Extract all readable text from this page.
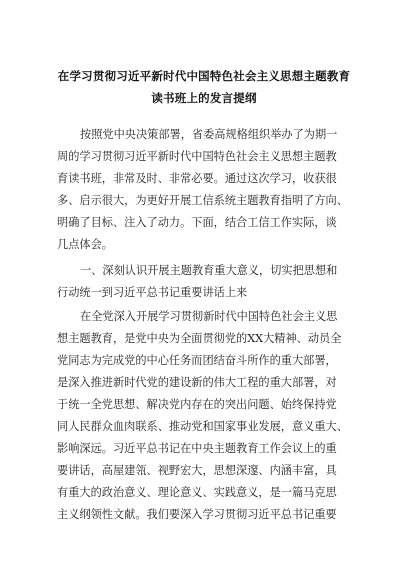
在学习贯彻习近平新时代中国特色社会主义思想主题教育
读书班上的发言提纲
按照党中央决策部署，省委高规格组织举办了为期一
周的学习贯彻习近平新时代中国特色社会主义思想主题教
育读书班，非常及时、非常必要。通过这次学习，收获很
多、启示很大，为更好开展工信系统主题教育指明了方向、
明确了目标、注入了动力。下面，结合工信工作实际，谈
几点体会。
一、深刻认识开展主题教育重大意义，切实把思想和
行动统一到习近平总书记重要讲话上来
在全党深入开展学习贯彻新时代中国特色社会主义思
想主题教育，是党中央为全面贯彻党的XX大精神、动员全
党同志为完成党的中心任务而团结奋斗所作的重大部署，
是深入推进新时代党的建设新的伟大工程的重大部署，对
于统一全党思想、解决党内存在的突出问题、始终保持党
同人民群众血肉联系、推动党和国家事业发展，意义重大、
影响深远。习近平总书记在中央主题教育工作会议上的重
要讲话，高屋建瓴、视野宏大，思想深邃、内涵丰富，具
有重大的政治意义、理论意义、实践意义，是一篇马克思
主义纲领性文献。我们要深入学习贯彻习近平总书记重要
